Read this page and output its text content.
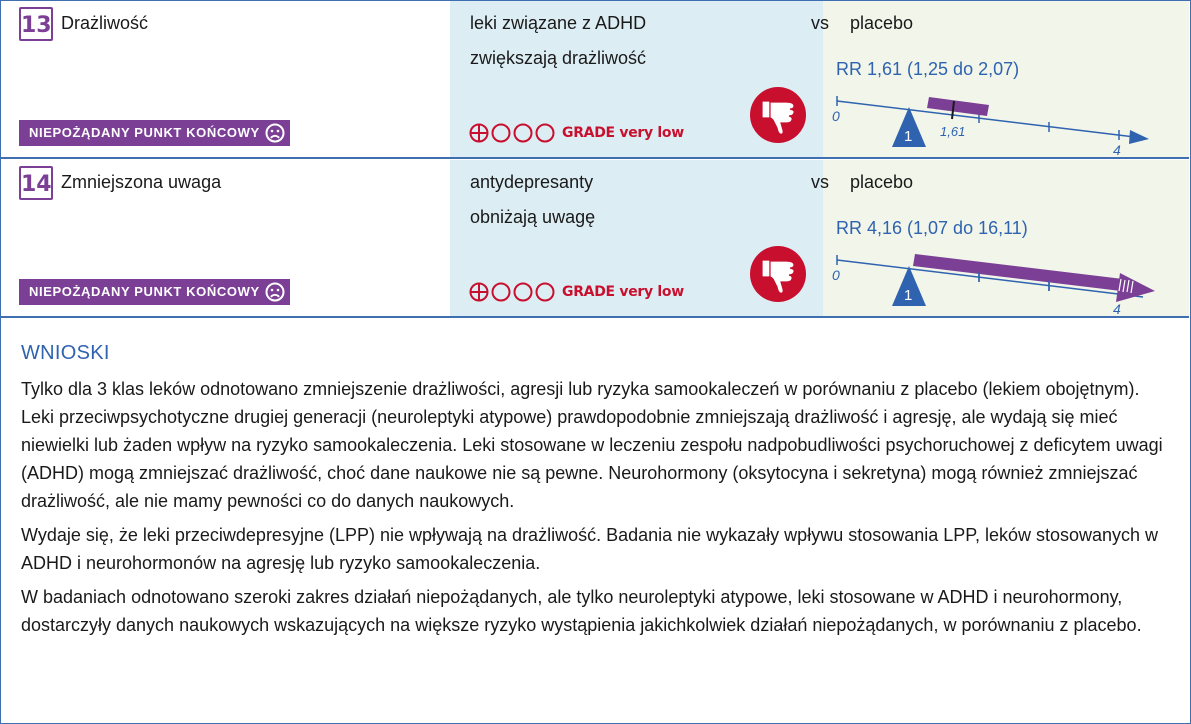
13 Drażliwość
NIEPOŻĄDANY PUNKT KOŃCOWY
leki związane z ADHD
zwiększają drażliwość
GRADE very low
vs placebo
RR 1,61 (1,25 do 2,07)
0
4
1,61
1
14 Zmniejszona uwaga
NIEPOŻĄDANY PUNKT KOŃCOWY
antydepresanty
obniżają uwagę
GRADE very low
vs placebo
RR 4,16 (1,07 do 16,11)
0
4
1
WNIOSKI

Tylko dla 3 klas leków odnotowano zmniejszenie drażliwości, agresji lub ryzyka samookaleczeń w porównaniu z placebo (lekiem obojętnym). Leki przeciwpsychotyczne drugiej generacji (neuroleptyki atypowe) prawdopodobnie zmniejszają drażliwość i agresję, ale wydają się mieć niewielki lub żaden wpływ na ryzyko samookaleczenia. Leki stosowane w leczeniu zespołu nadpobudliwości psychoruchowej z deficytem uwagi (ADHD) mogą zmniejszać drażliwość, choć dane naukowe nie są pewne. Neurohormony (oksytocyna i sekretyna) mogą również zmniejszać drażliwość, ale nie mamy pewności co do danych naukowych.

Wydaje się, że leki przeciwdepresyjne (LPP) nie wpływają na drażliwość. Badania nie wykazały wpływu stosowania LPP, leków stosowanych w ADHD i neurohormonów na agresję lub ryzyko samookaleczenia.

W badaniach odnotowano szeroki zakres działań niepożądanych, ale tylko neuroleptyki atypowe, leki stosowane w ADHD i neurohormony, dostarczyły danych naukowych wskazujących na większe ryzyko wystąpienia jakichkolwiek działań niepożądanych, w porównaniu z placebo.
